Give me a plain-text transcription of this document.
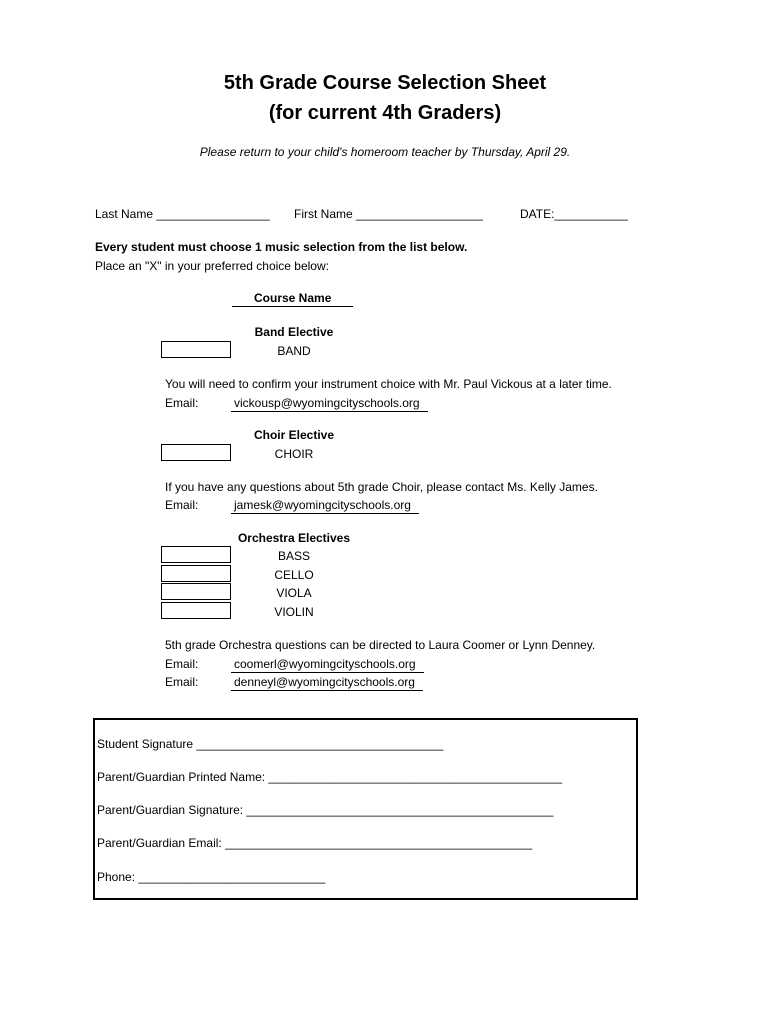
5th Grade Course Selection Sheet
(for current 4th Graders)
Please return to your child's homeroom teacher by Thursday, April 29.
Last Name _________________ First Name ___________________	DATE:___________
Every student must choose 1 music selection from the list below.
Place an "X" in your preferred choice below:
Course Name
Band Elective
BAND
You will need to confirm your instrument choice with Mr. Paul Vickous at a later time.
Email:	vickousp@wyomingcityschools.org
Choir Elective
CHOIR
If you have any questions about 5th grade Choir, please contact Ms. Kelly James.
Email:	jamesk@wyomingcityschools.org
Orchestra Electives
BASS
CELLO
VIOLA
VIOLIN
5th grade Orchestra questions can be directed to Laura Coomer or Lynn Denney.
Email:	coomerl@wyomingcityschools.org
Email:	denneyl@wyomingcityschools.org
Student Signature _____________________________________
Parent/Guardian Printed Name: ____________________________________________
Parent/Guardian Signature: ______________________________________________
Parent/Guardian Email: ______________________________________________
Phone: ____________________________
